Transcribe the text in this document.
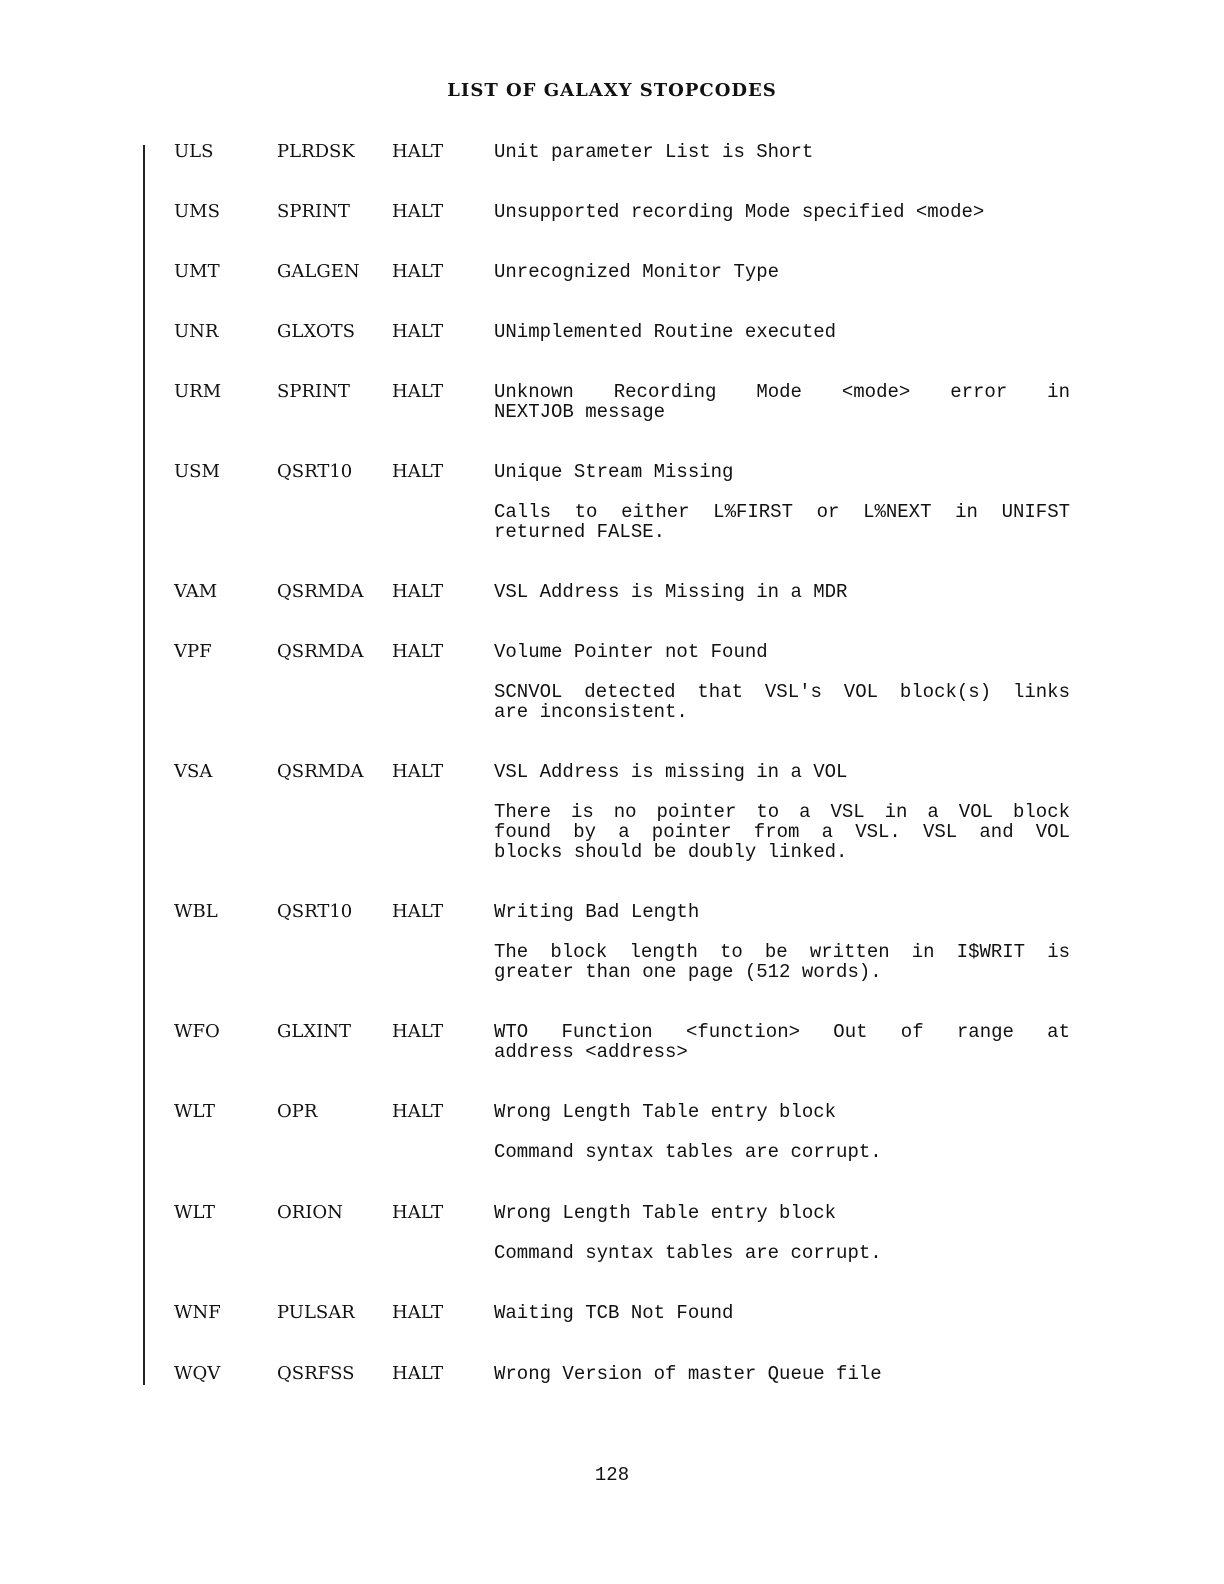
LIST OF GALAXY STOPCODES
ULS	PLRDSK HALT	Unit parameter List is Short
UMS	SPRINT HALT	Unsupported recording Mode specified <mode>
UMT	GALGEN HALT	Unrecognized Monitor Type
UNR	GLXOTS HALT	UNimplemented Routine executed
URM	SPRINT HALT	Unknown Recording Mode <mode> error in
NEXTJOB message
USM	QSRT10 HALT	Unique Stream Missing
Calls to either L%FIRST or L%NEXT in UNIFST
returned FALSE.
VAM	QSRMDA HALT	VSL Address is Missing in a MDR
VPF	QSRMDA HALT	Volume Pointer not Found
SCNVOL detected that VSL's VOL block(s) links
are inconsistent.
VSA	QSRMDA HALT	VSL Address is missing in a VOL
There is no pointer to a VSL in a VOL block
found by a pointer from a VSL. VSL and VOL
blocks should be doubly linked.
WBL	QSRT10 HALT	Writing Bad Length
The block length to be written in I$WRIT is
greater than one page (512 words).
WFO	GLXINT HALT	WTO Function <function> Out of range at
address <address>
WLT	OPR	HALT	Wrong Length Table entry block
Command syntax tables are corrupt.
WLT	ORION	HALT	Wrong Length Table entry block
Command syntax tables are corrupt.
WNF	PULSAR HALT	Waiting TCB Not Found
WQV	QSRFSS HALT	Wrong Version of master Queue file
128
